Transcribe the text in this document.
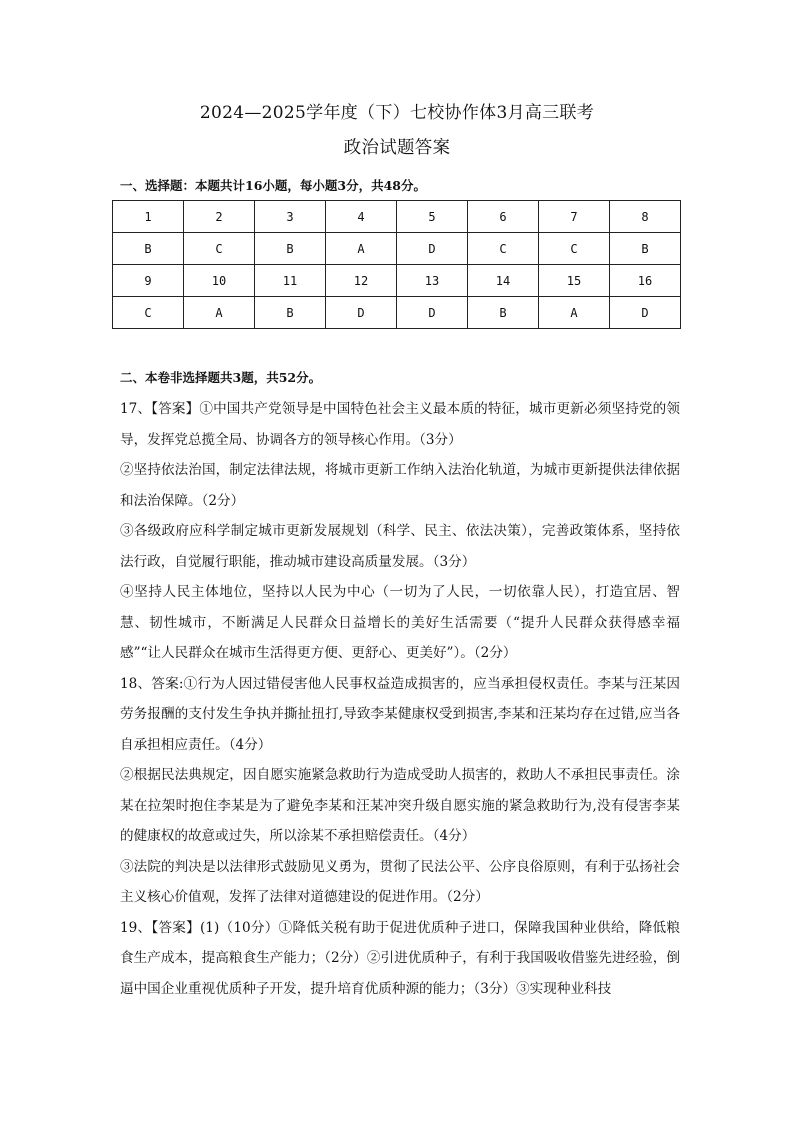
2024—2025学年度（下）七校协作体3月高三联考
政治试题答案
一、选择题：本题共计16小题，每小题3分，共48分。
1	2	3	4	5	6	7	8
B	C	B	A	D	C	C	B
9	10	11	12	13	14	15	16
C	A	B	D	D	B	A	D
二、本卷非选择题共3题，共52分。

17、【答案】①中国共产党领导是中国特色社会主义最本质的特征，城市更新必须坚持党的领导，发挥党总揽全局、协调各方的领导核心作用。（3分）

②坚持依法治国，制定法律法规，将城市更新工作纳入法治化轨道，为城市更新提供法律依据和法治保障。（2分）

③各级政府应科学制定城市更新发展规划（科学、民主、依法决策），完善政策体系，坚持依法行政，自觉履行职能，推动城市建设高质量发展。（3分）

④坚持人民主体地位，坚持以人民为中心（一切为了人民，一切依靠人民），打造宜居、智慧、韧性城市，不断满足人民群众日益增长的美好生活需要（“提升人民群众获得感幸福感”“让人民群众在城市生活得更方便、更舒心、更美好”）。（2分）

18、答案:①行为人因过错侵害他人民事权益造成损害的，应当承担侵权责任。李某与汪某因劳务报酬的支付发生争执并撕扯扭打,导致李某健康权受到损害,李某和汪某均存在过错,应当各自承担相应责任。（4分）

②根据民法典规定，因自愿实施紧急救助行为造成受助人损害的，救助人不承担民事责任。涂某在拉架时抱住李某是为了避免李某和汪某冲突升级自愿实施的紧急救助行为,没有侵害李某的健康权的故意或过失，所以涂某不承担赔偿责任。（4分）

③法院的判决是以法律形式鼓励见义勇为，贯彻了民法公平、公序良俗原则，有利于弘扬社会主义核心价值观，发挥了法律对道德建设的促进作用。（2分）

19、【答案】(1)（10分）①降低关税有助于促进优质种子进口，保障我国种业供给，降低粮食生产成本，提高粮食生产能力；（2分）②引进优质种子，有利于我国吸收借鉴先进经验，倒逼中国企业重视优质种子开发，提升培育优质种源的能力；（3分）③实现种业科技
